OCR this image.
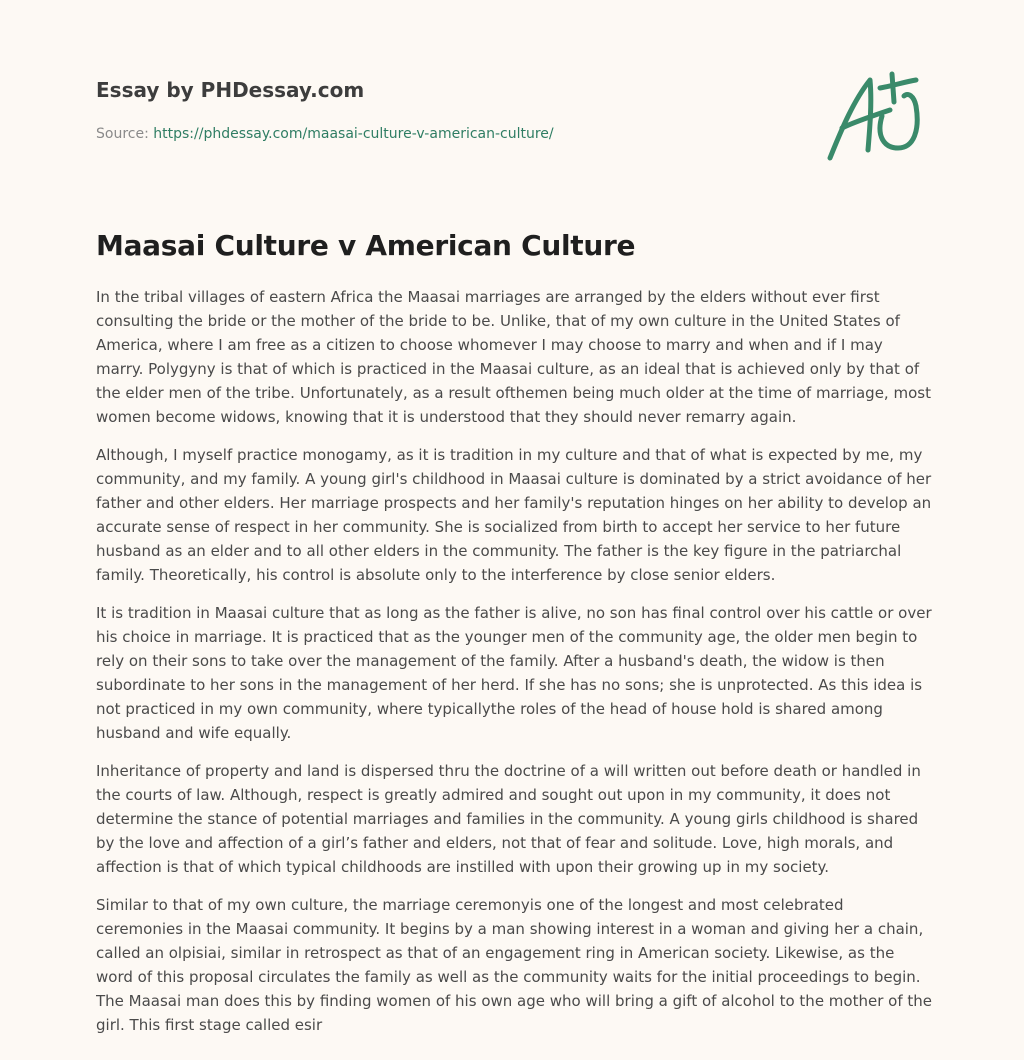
Essay by PHDessay.com
Source: https://phdessay.com/maasai-culture-v-american-culture/
Maasai Culture v American Culture

In the tribal villages of eastern Africa the Maasai marriages are arranged by the elders without ever first consulting the bride or the mother of the bride to be. Unlike, that of my own culture in the United States of America, where I am free as a citizen to choose whomever I may choose to marry and when and if I may marry. Polygyny is that of which is practiced in the Maasai culture, as an ideal that is achieved only by that of the elder men of the tribe. Unfortunately, as a result ofthemen being much older at the time of marriage, most women become widows, knowing that it is understood that they should never remarry again.

Although, I myself practice monogamy, as it is tradition in my culture and that of what is expected by me, my community, and my family. A young girl's childhood in Maasai culture is dominated by a strict avoidance of her father and other elders. Her marriage prospects and her family's reputation hinges on her ability to develop an accurate sense of respect in her community. She is socialized from birth to accept her service to her future husband as an elder and to all other elders in the community. The father is the key figure in the patriarchal family. Theoretically, his control is absolute only to the interference by close senior elders.

It is tradition in Maasai culture that as long as the father is alive, no son has final control over his cattle or over his choice in marriage. It is practiced that as the younger men of the community age, the older men begin to rely on their sons to take over the management of the family. After a husband's death, the widow is then subordinate to her sons in the management of her herd. If she has no sons; she is unprotected. As this idea is not practiced in my own community, where typicallythe roles of the head of house hold is shared among husband and wife equally.

Inheritance of property and land is dispersed thru the doctrine of a will written out before death or handled in the courts of law. Although, respect is greatly admired and sought out upon in my community, it does not determine the stance of potential marriages and families in the community. A young girls childhood is shared by the love and affection of a girl’s father and elders, not that of fear and solitude. Love, high morals, and affection is that of which typical childhoods are instilled with upon their growing up in my society.

Similar to that of my own culture, the marriage ceremonyis one of the longest and most celebrated ceremonies in the Maasai community. It begins by a man showing interest in a woman and giving her a chain, called an olpisiai, similar in retrospect as that of an engagement ring in American society. Likewise, as the word of this proposal circulates the family as well as the community waits for the initial proceedings to begin. The Maasai man does this by finding women of his own age who will bring a gift of alcohol to the mother of the girl. This first stage called esir
